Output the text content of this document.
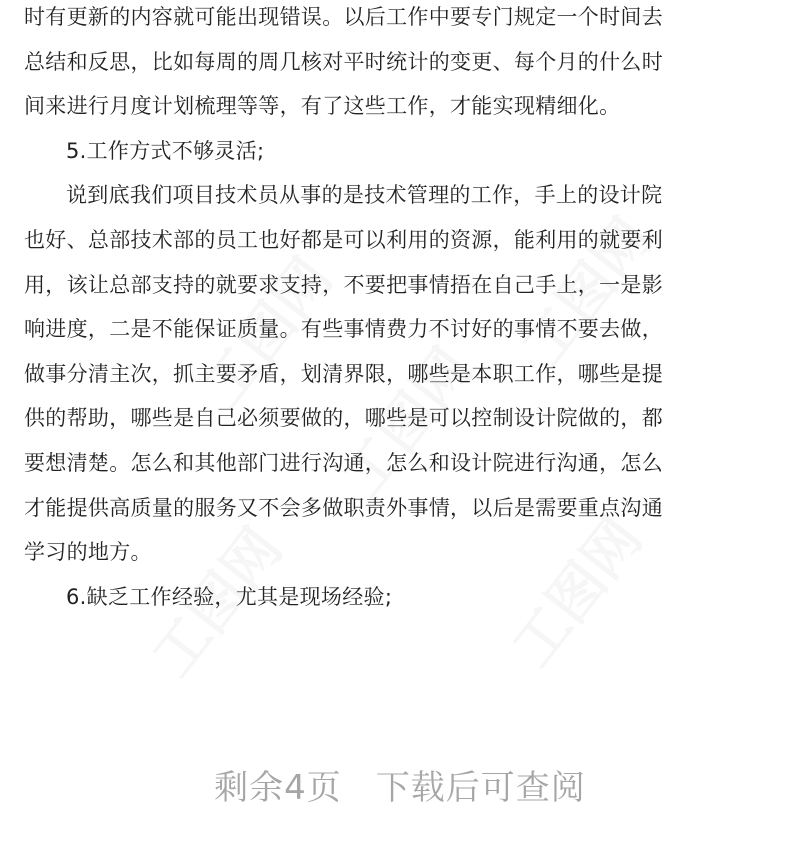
时有更新的内容就可能出现错误。以后工作中要专门规定一个时间去
总结和反思，比如每周的周几核对平时统计的变更、每个月的什么时
间来进行月度计划梳理等等，有了这些工作，才能实现精细化。
5.工作方式不够灵活;
说到底我们项目技术员从事的是技术管理的工作，手上的设计院
也好、总部技术部的员工也好都是可以利用的资源，能利用的就要利
用，该让总部支持的就要求支持，不要把事情捂在自己手上，一是影
响进度，二是不能保证质量。有些事情费力不讨好的事情不要去做，
做事分清主次，抓主要矛盾，划清界限，哪些是本职工作，哪些是提
供的帮助，哪些是自己必须要做的，哪些是可以控制设计院做的，都
要想清楚。怎么和其他部门进行沟通，怎么和设计院进行沟通，怎么
才能提供高质量的服务又不会多做职责外事情，以后是需要重点沟通
学习的地方。
6.缺乏工作经验，尤其是现场经验;
剩余4页 下载后可查阅
